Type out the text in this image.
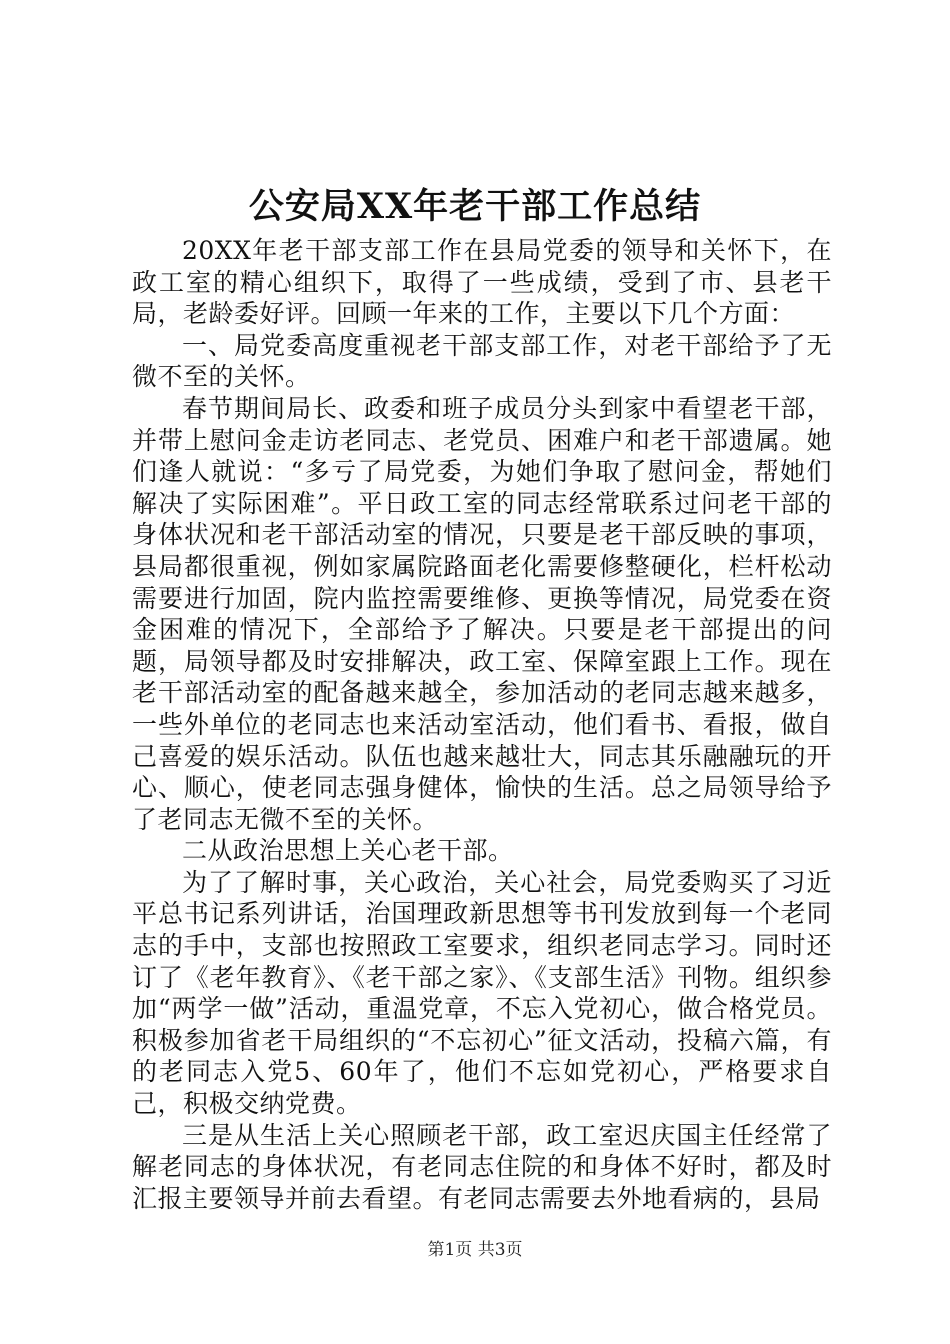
公安局XX年老干部工作总结

20XX年老干部支部工作在县局党委的领导和关怀下，在政工室的精心组织下，取得了一些成绩，受到了市、县老干局，老龄委好评。回顾一年来的工作，主要以下几个方面：

一、局党委高度重视老干部支部工作，对老干部给予了无微不至的关怀。

春节期间局长、政委和班子成员分头到家中看望老干部，并带上慰问金走访老同志、老党员、困难户和老干部遗属。她们逢人就说：“多亏了局党委，为她们争取了慰问金，帮她们解决了实际困难”。平日政工室的同志经常联系过问老干部的身体状况和老干部活动室的情况，只要是老干部反映的事项，县局都很重视，例如家属院路面老化需要修整硬化，栏杆松动需要进行加固，院内监控需要维修、更换等情况，局党委在资金困难的情况下，全部给予了解决。只要是老干部提出的问题，局领导都及时安排解决，政工室、保障室跟上工作。现在老干部活动室的配备越来越全，参加活动的老同志越来越多，一些外单位的老同志也来活动室活动，他们看书、看报，做自己喜爱的娱乐活动。队伍也越来越壮大，同志其乐融融玩的开心、顺心，使老同志强身健体，愉快的生活。总之局领导给予了老同志无微不至的关怀。

二从政治思想上关心老干部。

为了了解时事，关心政治，关心社会，局党委购买了习近平总书记系列讲话，治国理政新思想等书刊发放到每一个老同志的手中，支部也按照政工室要求，组织老同志学习。同时还订了《老年教育》、《老干部之家》、《支部生活》刊物。组织参加“两学一做”活动，重温党章，不忘入党初心，做合格党员。积极参加省老干局组织的“不忘初心”征文活动，投稿六篇，有的老同志入党5、60年了，他们不忘如党初心，严格要求自己，积极交纳党费。

三是从生活上关心照顾老干部，政工室迟庆国主任经常了解老同志的身体状况，有老同志住院的和身体不好时，都及时汇报主要领导并前去看望。有老同志需要去外地看病的，县局

第1页 共3页
